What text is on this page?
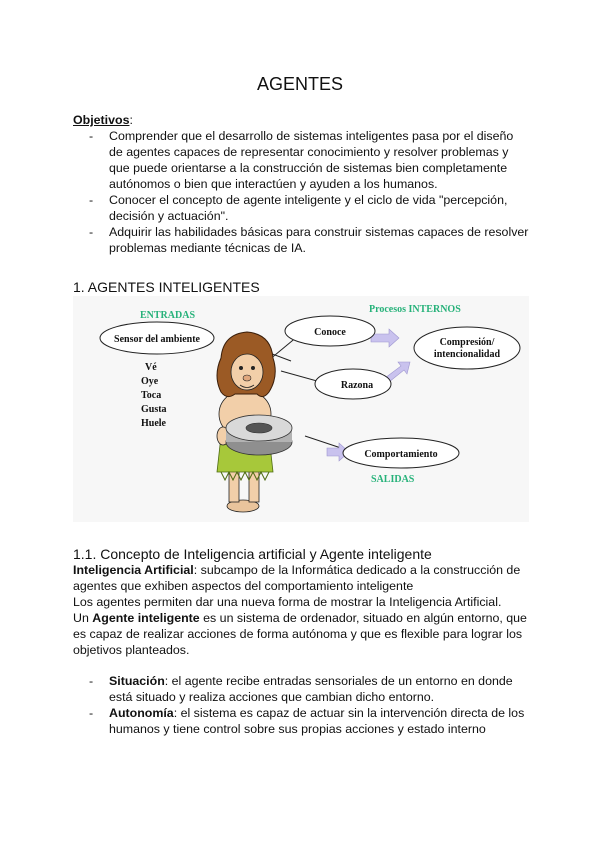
AGENTES
Objetivos:
- Comprender que el desarrollo de sistemas inteligentes pasa por el diseño de agentes capaces de representar conocimiento y resolver problemas y que puede orientarse a la construcción de sistemas bien completamente autónomos o bien que interactúen y ayuden a los humanos.
- Conocer el concepto de agente inteligente y el ciclo de vida "percepción, decisión y actuación".
- Adquirir las habilidades básicas para construir sistemas capaces de resolver problemas mediante técnicas de IA.
1. AGENTES INTELIGENTES
ENTRADAS
Procesos INTERNOS
Sensor del ambiente
Conoce
Razona
Compresión/
intencionalidad
Comportamiento
SALIDAS
Vé
Oye
Toca
Gusta
Huele
1.1. Concepto de Inteligencia artificial y Agente inteligente
Inteligencia Artificial: subcampo de la Informática dedicado a la construcción de
agentes que exhiben aspectos del comportamiento inteligente
Los agentes permiten dar una nueva forma de mostrar la Inteligencia Artificial.
Un Agente inteligente es un sistema de ordenador, situado en algún entorno, que
es capaz de realizar acciones de forma autónoma y que es flexible para lograr los
objetivos planteados.
- Situación: el agente recibe entradas sensoriales de un entorno en donde está situado y realiza acciones que cambian dicho entorno.
- Autonomía: el sistema es capaz de actuar sin la intervención directa de los humanos y tiene control sobre sus propias acciones y estado interno
